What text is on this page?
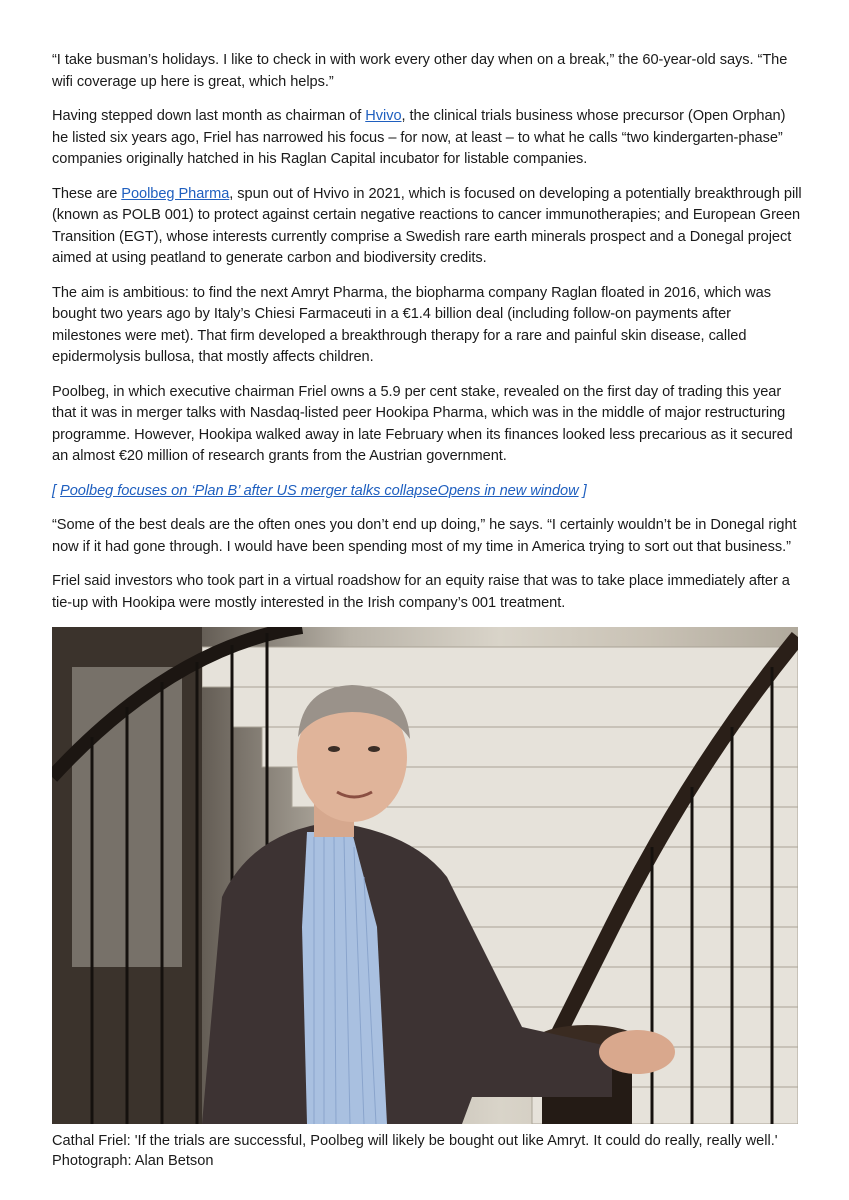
“I take busman’s holidays. I like to check in with work every other day when on a break,” the 60-year-old says. “The wifi coverage up here is great, which helps.”

Having stepped down last month as chairman of Hvivo, the clinical trials business whose precursor (Open Orphan) he listed six years ago, Friel has narrowed his focus – for now, at least – to what he calls “two kindergarten-phase” companies originally hatched in his Raglan Capital incubator for listable companies.

These are Poolbeg Pharma, spun out of Hvivo in 2021, which is focused on developing a potentially breakthrough pill (known as POLB 001) to protect against certain negative reactions to cancer immunotherapies; and European Green Transition (EGT), whose interests currently comprise a Swedish rare earth minerals prospect and a Donegal project aimed at using peatland to generate carbon and biodiversity credits.

The aim is ambitious: to find the next Amryt Pharma, the biopharma company Raglan floated in 2016, which was bought two years ago by Italy’s Chiesi Farmaceuti in a €1.4 billion deal (including follow-on payments after milestones were met). That firm developed a breakthrough therapy for a rare and painful skin disease, called epidermolysis bullosa, that mostly affects children.

Poolbeg, in which executive chairman Friel owns a 5.9 per cent stake, revealed on the first day of trading this year that it was in merger talks with Nasdaq-listed peer Hookipa Pharma, which was in the middle of major restructuring programme. However, Hookipa walked away in late February when its finances looked less precarious as it secured an almost €20 million of research grants from the Austrian government.

[ Poolbeg focuses on ‘Plan B’ after US merger talks collapseOpens in new window ]

“Some of the best deals are the often ones you don’t end up doing,” he says. “I certainly wouldn’t be in Donegal right now if it had gone through. I would have been spending most of my time in America trying to sort out that business.”

Friel said investors who took part in a virtual roadshow for an equity raise that was to take place immediately after a tie-up with Hookipa were mostly interested in the Irish company’s 001 treatment.

Cathal Friel: 'If the trials are successful, Poolbeg will likely be bought out like Amryt. It could do really, really well.' Photograph: Alan Betson
